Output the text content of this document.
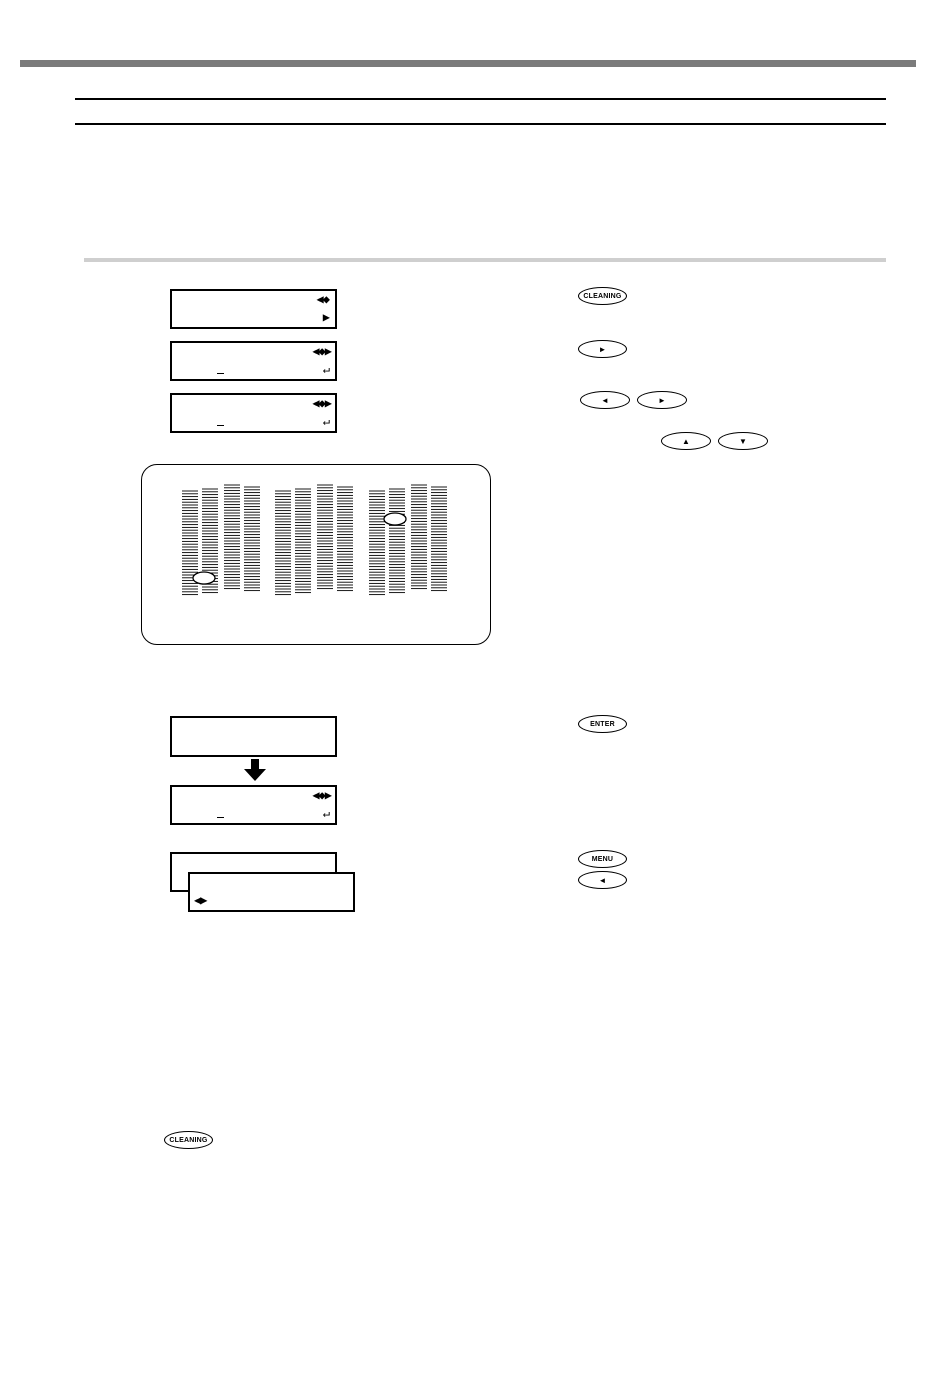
◀◆
▶
◀◆▶
↵
◀◆▶
↵
CLEANING
►
◄	►
▲	▼
◀◆▶
↵
◀▶
ENTER
MENU
◄
CLEANING
